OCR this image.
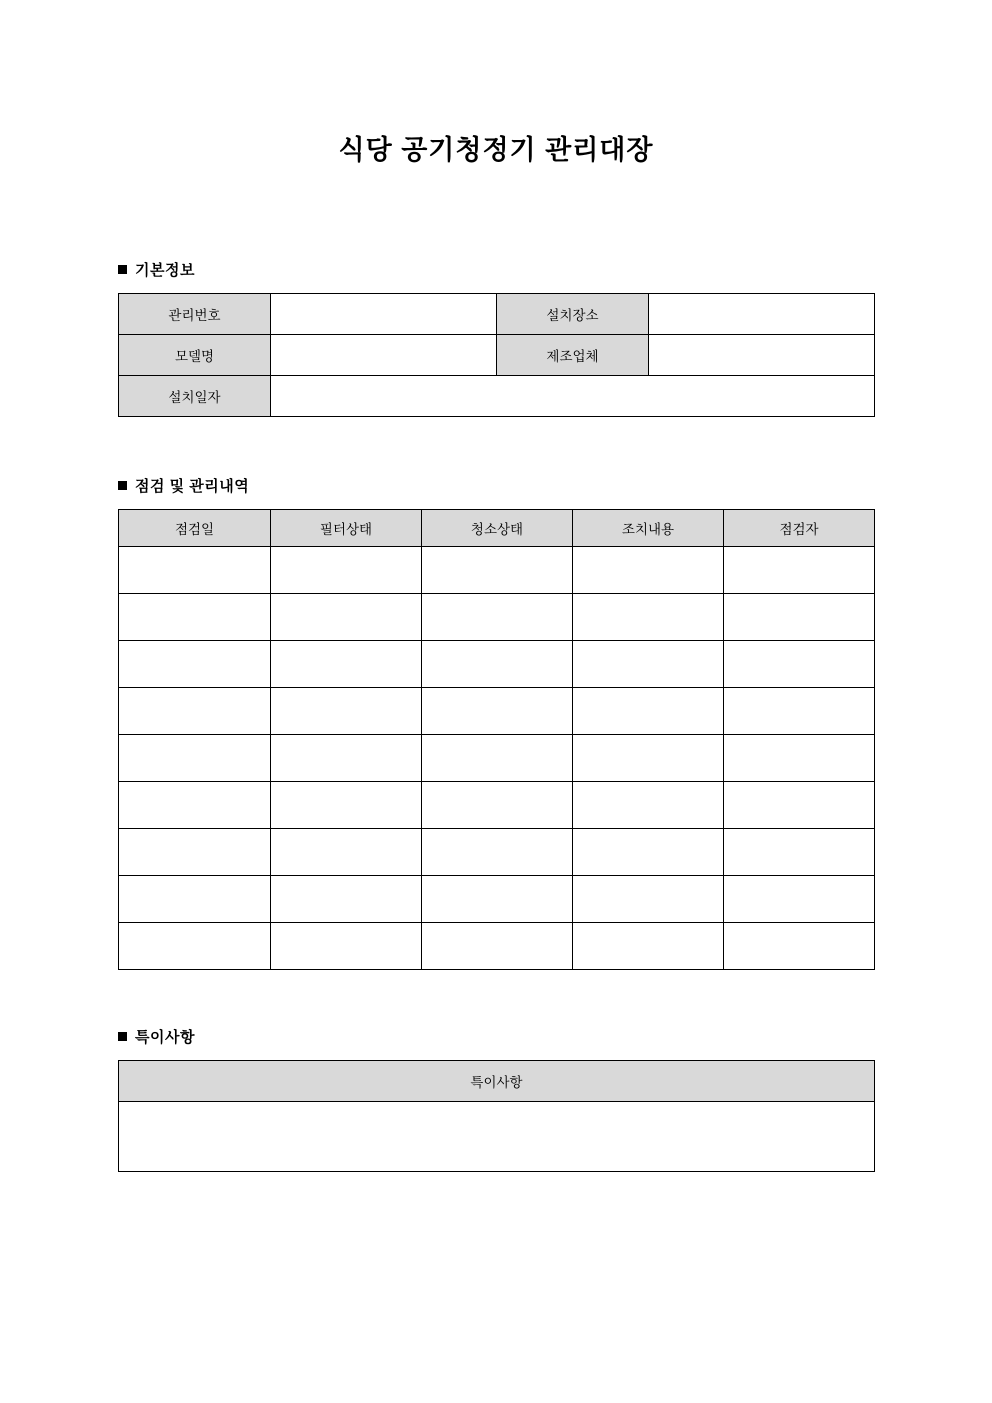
식당 공기청정기 관리대장
기본정보
관리번호		설치장소	
모델명		제조업체	
설치일자			
점검 및 관리내역
점검일	필터상태	청소상태	조치내용	점검자

특이사항
특이사항
